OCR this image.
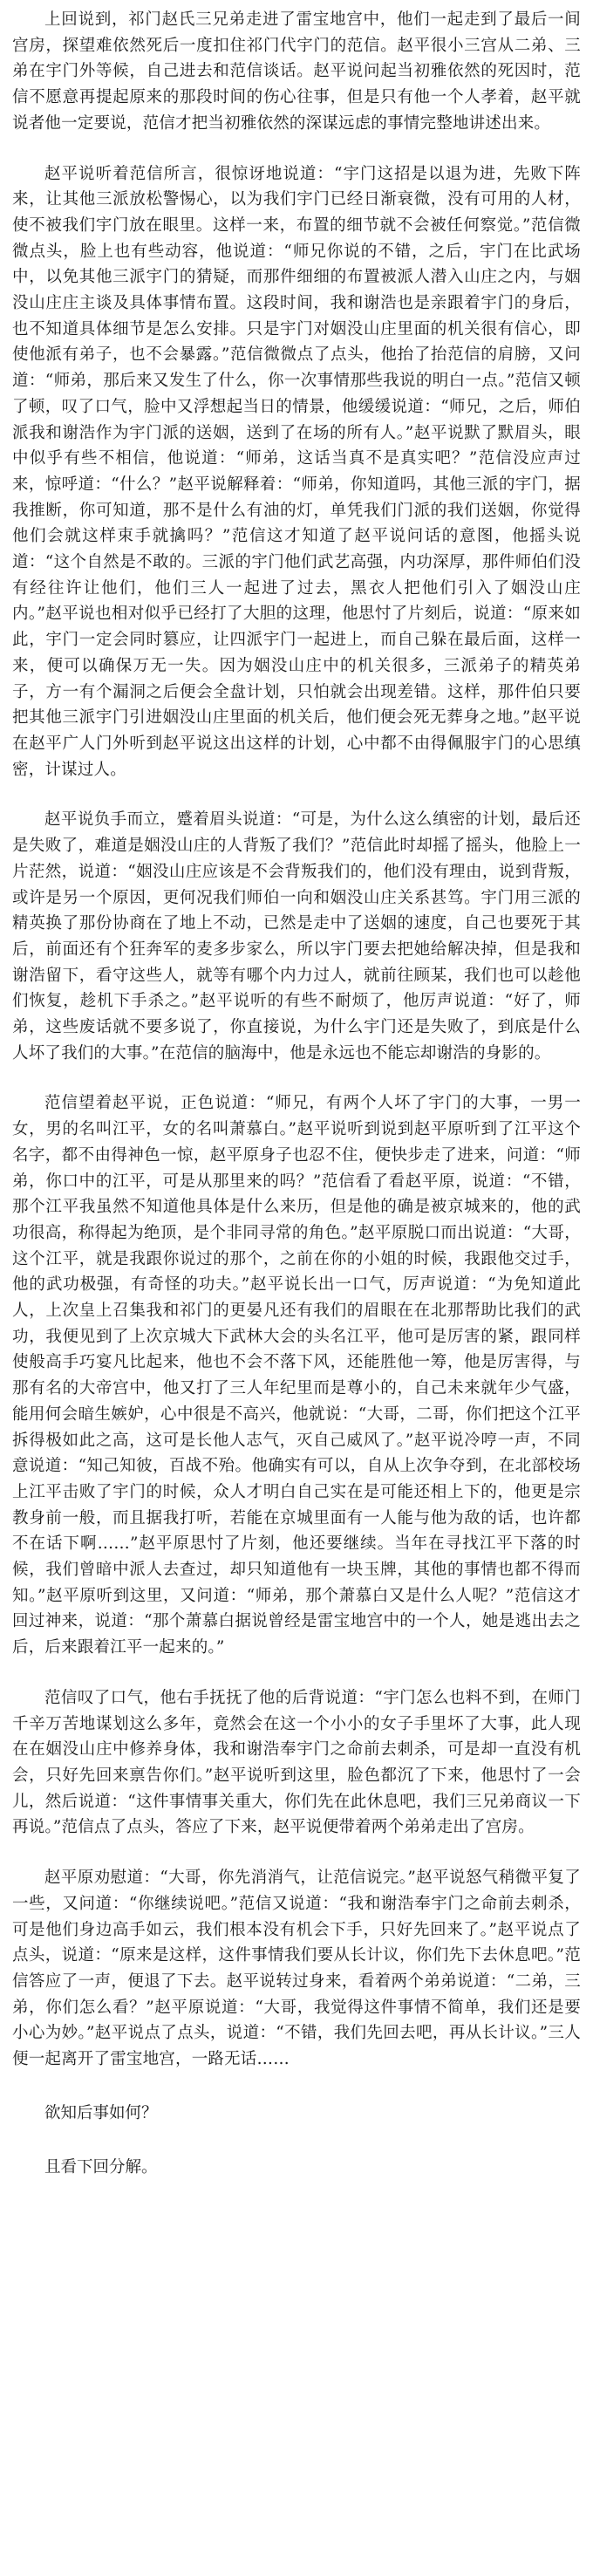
上回说到，祁门赵氏三兄弟走进了雷宝地宫中，他们一起走到了最后一间宫房，探望难依然死后一度扣住祁门代宇门的范信。赵平很小三宫从二弟、三弟在宇门外等候，自己进去和范信谈话。赵平说问起当初雅依然的死因时，范信不愿意再提起原来的那段时间的伤心往事，但是只有他一个人孝着，赵平就说者他一定要说，范信才把当初雅依然的深谋远虑的事情完整地讲述出来。

赵平说听着范信所言，很惊讶地说道：“宇门这招是以退为进，先败下阵来，让其他三派放松警惕心，以为我们宇门已经日渐衰微，没有可用的人材，使不被我们宇门放在眼里。这样一来，布置的细节就不会被任何察觉。”范信微微点头，脸上也有些动容，他说道：“师兄你说的不错，之后，宇门在比武场中，以免其他三派宇门的猜疑，而那件细细的布置被派人潜入山庄之内，与姻没山庄庄主谈及具体事情布置。这段时间，我和谢浩也是亲跟着宇门的身后，也不知道具体细节是怎么安排。只是宇门对姻没山庄里面的机关很有信心，即使他派有弟子，也不会暴露。”范信微微点了点头，他抬了抬范信的肩膀，又问道：“师弟，那后来又发生了什么，你一次事情那些我说的明白一点。”范信又顿了顿，叹了口气，脸中又浮想起当日的情景，他缓缓说道：“师兄，之后，师伯派我和谢浩作为宇门派的送姻，送到了在场的所有人。”赵平说默了默眉头，眼中似乎有些不相信，他说道：“师弟，这话当真不是真实吧？”范信没应声过来，惊呼道：“什么？”赵平说解释着：“师弟，你知道吗，其他三派的宇门，据我推断，你可知道，那不是什么有油的灯，单凭我们门派的我们送姻，你觉得他们会就这样束手就擒吗？”范信这才知道了赵平说问话的意图，他摇头说道：“这个自然是不敢的。三派的宇门他们武艺高强，内功深厚，那件师伯们没有经往许让他们，他们三人一起进了过去，黑衣人把他们引入了姻没山庄内。”赵平说也相对似乎已经打了大胆的这理，他思忖了片刻后，说道：“原来如此，宇门一定会同时篡应，让四派宇门一起进上，而自己躲在最后面，这样一来，便可以确保万无一失。因为姻没山庄中的机关很多，三派弟子的精英弟子，方一有个漏洞之后便会全盘计划，只怕就会出现差错。这样，那件伯只要把其他三派宇门引进姻没山庄里面的机关后，他们便会死无葬身之地。”赵平说在赵平广人门外听到赵平说这出这样的计划，心中都不由得佩服宇门的心思缜密，计谋过人。

赵平说负手而立，蹙着眉头说道：“可是，为什么这么缜密的计划，最后还是失败了，难道是姻没山庄的人背叛了我们？”范信此时却摇了摇头，他脸上一片茫然，说道：“姻没山庄应该是不会背叛我们的，他们没有理由，说到背叛，或许是另一个原因，更何况我们师伯一向和姻没山庄关系甚笃。宇门用三派的精英换了那份协商在了地上不动，已然是走中了送姻的速度，自己也要死于其后，前面还有个狂奔军的麦多步家么，所以宇门要去把她给解决掉，但是我和谢浩留下，看守这些人，就等有哪个内力过人，就前往顾某，我们也可以趁他们恢复，趁机下手杀之。”赵平说听的有些不耐烦了，他厉声说道：“好了，师弟，这些废话就不要多说了，你直接说，为什么宇门还是失败了，到底是什么人坏了我们的大事。”在范信的脑海中，他是永远也不能忘却谢浩的身影的。

范信望着赵平说，正色说道：“师兄，有两个人坏了宇门的大事，一男一女，男的名叫江平，女的名叫萧慕白。”赵平说听到说到赵平原听到了江平这个名字，都不由得神色一惊，赵平原身子也忍不住，便快步走了进来，问道：“师弟，你口中的江平，可是从那里来的吗？”范信看了看赵平原，说道：“不错，那个江平我虽然不知道他具体是什么来历，但是他的确是被京城来的，他的武功很高，称得起为绝顶，是个非同寻常的角色。”赵平原脱口而出说道：“大哥，这个江平，就是我跟你说过的那个，之前在你的小姐的时候，我跟他交过手，他的武功极强，有奇怪的功夫。”赵平说长出一口气，厉声说道：“为免知道此人，上次皇上召集我和祁门的更晏凡还有我们的眉眼在在北那帮助比我们的武功，我便见到了上次京城大下武林大会的头名江平，他可是厉害的紧，跟同样使般高手巧宴凡比起来，他也不会不落下风，还能胜他一筹，他是厉害得，与那有名的大帝宫中，他又打了三人年纪里而是尊小的，自己未来就年少气盛，能用何会暗生嫉妒，心中很是不高兴，他就说：“大哥，二哥，你们把这个江平拆得极如此之高，这可是长他人志气，灭自己威风了。”赵平说冷哼一声，不同意说道：“知己知彼，百战不殆。他确实有可以，自从上次争夺到，在北部校场上江平击败了宇门的时候，众人才明白自己实在是可能还相上下的，他更是宗教身前一般，而且据我打听，若能在京城里面有一人能与他为敌的话，也许都不在话下啊……”赵平原思忖了片刻，他还要继续。当年在寻找江平下落的时候，我们曾暗中派人去查过，却只知道他有一块玉牌，其他的事情也都不得而知。”赵平原听到这里，又问道：“师弟，那个萧慕白又是什么人呢？”范信这才回过神来，说道：“那个萧慕白据说曾经是雷宝地宫中的一个人，她是逃出去之后，后来跟着江平一起来的。”

范信叹了口气，他右手抚抚了他的后背说道：“宇门怎么也料不到，在师门千辛万苦地谋划这么多年，竟然会在这一个小小的女子手里坏了大事，此人现在在姻没山庄中修养身体，我和谢浩奉宇门之命前去刺杀，可是却一直没有机会，只好先回来禀告你们。”赵平说听到这里，脸色都沉了下来，他思忖了一会儿，然后说道：“这件事情事关重大，你们先在此休息吧，我们三兄弟商议一下再说。”范信点了点头，答应了下来，赵平说便带着两个弟弟走出了宫房。

赵平原劝慰道：“大哥，你先消消气，让范信说完。”赵平说怒气稍微平复了一些，又问道：“你继续说吧。”范信又说道：“我和谢浩奉宇门之命前去刺杀，可是他们身边高手如云，我们根本没有机会下手，只好先回来了。”赵平说点了点头，说道：“原来是这样，这件事情我们要从长计议，你们先下去休息吧。”范信答应了一声，便退了下去。赵平说转过身来，看着两个弟弟说道：“二弟，三弟，你们怎么看？”赵平原说道：“大哥，我觉得这件事情不简单，我们还是要小心为妙。”赵平说点了点头，说道：“不错，我们先回去吧，再从长计议。”三人便一起离开了雷宝地宫，一路无话……

欲知后事如何？

且看下回分解。
